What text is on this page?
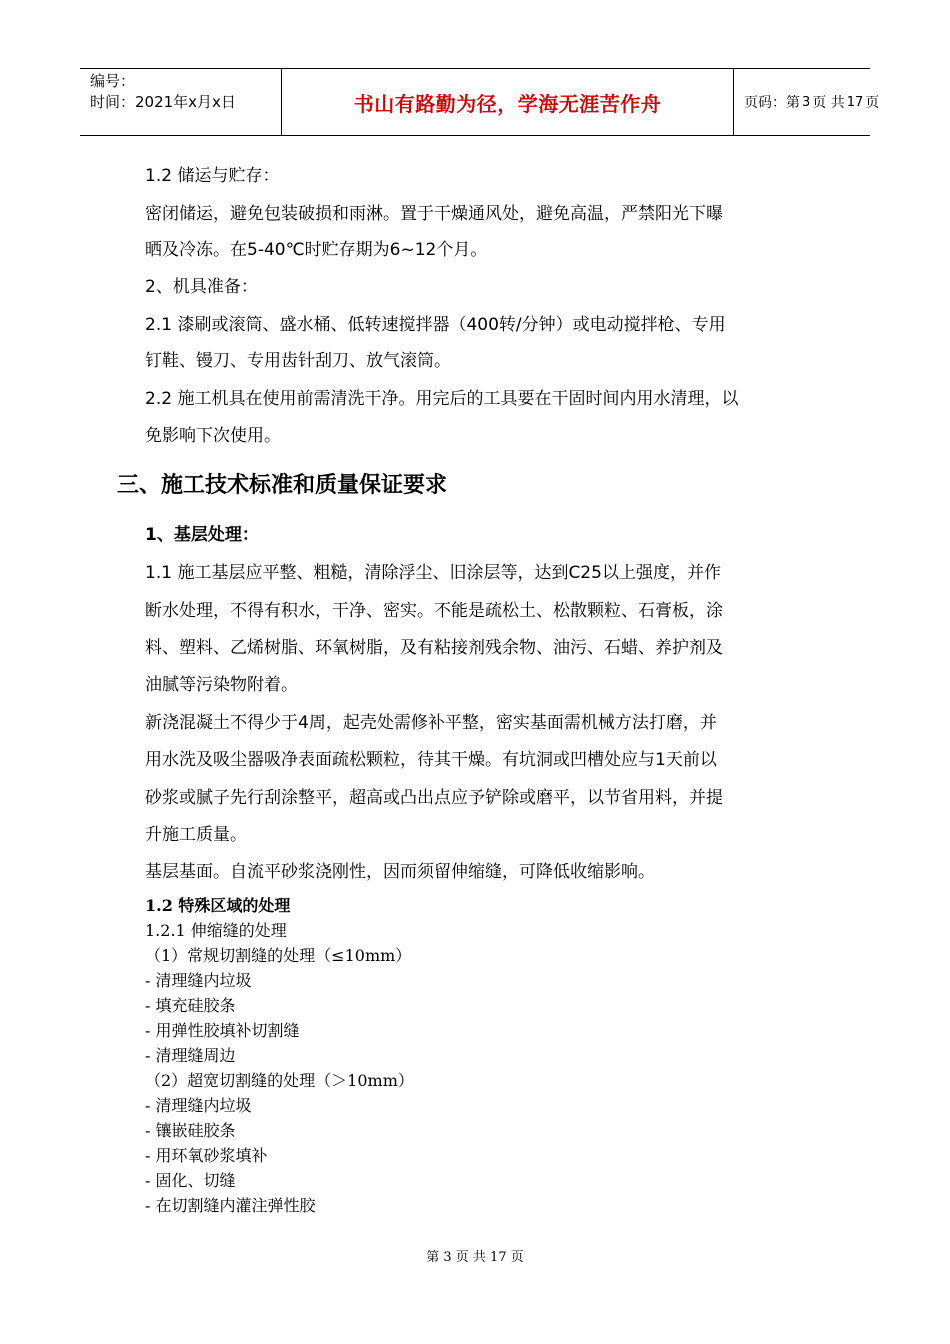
编号：
时间：2021年x月x日	书山有路勤为径，学海无涯苦作舟	页码：第 3 页 共 17 页
1.2 储运与贮存：
密闭储运，避免包装破损和雨淋。置于干燥通风处，避免高温，严禁阳光下曝
晒及冷冻。在5-40℃时贮存期为6~12个月。
2、机具准备：
2.1 漆刷或滚筒、盛水桶、低转速搅拌器（400转/分钟）或电动搅拌枪、专用
钉鞋、镘刀、专用齿针刮刀、放气滚筒。
2.2 施工机具在使用前需清洗干净。用完后的工具要在干固时间内用水清理，以
免影响下次使用。
三、施工技术标准和质量保证要求
1、基层处理：
1.1 施工基层应平整、粗糙，清除浮尘、旧涂层等，达到C25以上强度，并作
断水处理，不得有积水，干净、密实。不能是疏松土、松散颗粒、石膏板，涂
料、塑料、乙烯树脂、环氧树脂，及有粘接剂残余物、油污、石蜡、养护剂及
油腻等污染物附着。
新浇混凝土不得少于4周，起壳处需修补平整，密实基面需机械方法打磨，并
用水洗及吸尘器吸净表面疏松颗粒，待其干燥。有坑洞或凹槽处应与1天前以
砂浆或腻子先行刮涂整平，超高或凸出点应予铲除或磨平，以节省用料，并提
升施工质量。
基层基面。自流平砂浆浇刚性，因而须留伸缩缝，可降低收缩影响。
1.2 特殊区域的处理
1.2.1 伸缩缝的处理
（1）常规切割缝的处理（≤10mm）
- 清理缝内垃圾
- 填充硅胶条
- 用弹性胶填补切割缝
- 清理缝周边
（2）超宽切割缝的处理（＞10mm）
- 清理缝内垃圾
- 镶嵌硅胶条
- 用环氧砂浆填补
- 固化、切缝
- 在切割缝内灌注弹性胶
第 3 页 共 17 页
